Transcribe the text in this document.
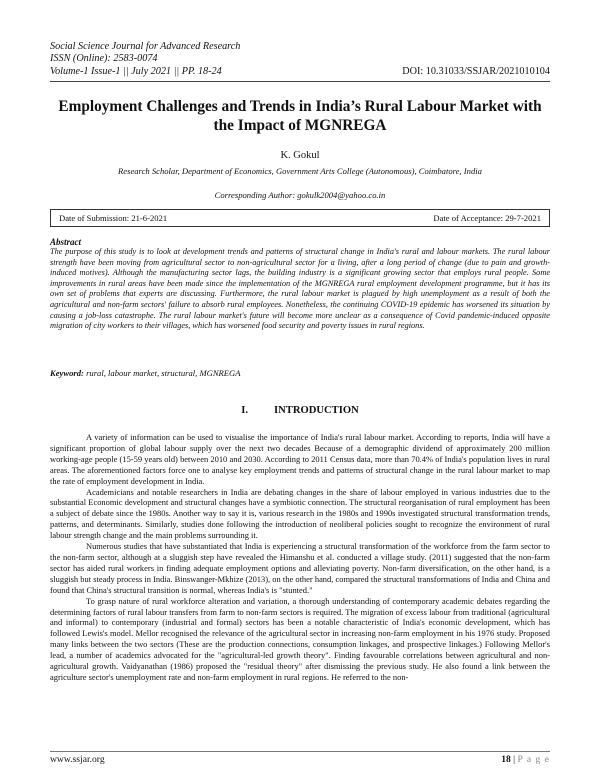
Social Science Journal for Advanced Research
ISSN (Online): 2583-0074
Volume-1 Issue-1 || July 2021 || PP. 18-24	DOI: 10.31033/SSJAR/2021010104
Employment Challenges and Trends in India’s Rural Labour Market with the Impact of MGNREGA
K. Gokul
Research Scholar, Department of Economics, Government Arts College (Autonomous), Coimbatore, India
Corresponding Author: gokulk2004@yahoo.co.in
Date of Submission: 21-6-2021	Date of Acceptance: 29-7-2021
Abstract
The purpose of this study is to look at development trends and patterns of structural change in India's rural and labour markets. The rural labour strength have been moving from agricultural sector to non-agricultural sector for a living, after a long period of change (due to pain and growth-induced motives). Although the manufacturing sector lags, the building industry is a significant growing sector that employs rural people. Some improvements in rural areas have been made since the implementation of the MGNREGA rural employment development programme, but it has its own set of problems that experts are discussing. Furthermore, the rural labour market is plagued by high unemployment as a result of both the agricultural and non-farm sectors' failure to absorb rural employees. Nonetheless, the continuing COVID-19 epidemic has worsened its situation by causing a job-loss catastrophe. The rural labour market's future will become more unclear as a consequence of Covid pandemic-induced opposite migration of city workers to their villages, which has worsened food security and poverty issues in rural regions.
Keyword: rural, labour market, structural, MGNREGA
I. INTRODUCTION

A variety of information can be used to visualise the importance of India's rural labour market. According to reports, India will have a significant proportion of global labour supply over the next two decades Because of a demographic dividend of approximately 200 million working-age people (15-59 years old) between 2010 and 2030. According to 2011 Census data, more than 70.4% of India's population lives in rural areas. The aforementioned factors force one to analyse key employment trends and patterns of structural change in the rural labour market to map the rate of employment development in India.

Academicians and notable researchers in India are debating changes in the share of labour employed in various industries due to the substantial Economic development and structural changes have a symbiotic connection. The structural reorganisation of rural employment has been a subject of debate since the 1980s. Another way to say it is, various research in the 1980s and 1990s investigated structural transformation trends, patterns, and determinants. Similarly, studies done following the introduction of neoliberal policies sought to recognize the environment of rural labour strength change and the main problems surrounding it.

Numerous studies that have substantiated that India is experiencing a structural transformation of the workforce from the farm sector to the non-farm sector, although at a sluggish step have revealed the Himanshu et al. conducted a village study. (2011) suggested that the non-farm sector has aided rural workers in finding adequate employment options and alleviating poverty. Non-farm diversification, on the other hand, is a sluggish but steady process in India. Binswanger-Mkhize (2013), on the other hand, compared the structural transformations of India and China and found that China's structural transition is normal, whereas India's is "stunted."

To grasp nature of rural workforce alteration and variation, a thorough understanding of contemporary academic debates regarding the determining factors of rural labour transfers from farm to non-farm sectors is required. The migration of excess labour from traditional (agricultural and informal) to contemporary (industrial and formal) sectors has been a notable characteristic of India's economic development, which has followed Lewis's model. Mellor recognised the relevance of the agricultural sector in increasing non-farm employment in his 1976 study. Proposed many links between the two sectors (These are the production connections, consumption linkages, and prospective linkages.) Following Mellor's lead, a number of academics advocated for the "agricultural-led growth theory". Finding favourable correlations between agricultural and non-agricultural growth. Vaidyanathan (1986) proposed the "residual theory" after dismissing the previous study. He also found a link between the agriculture sector's unemployment rate and non-farm employment in rural regions. He referred to the non-

www.ssjar.org	18 | P a g e
